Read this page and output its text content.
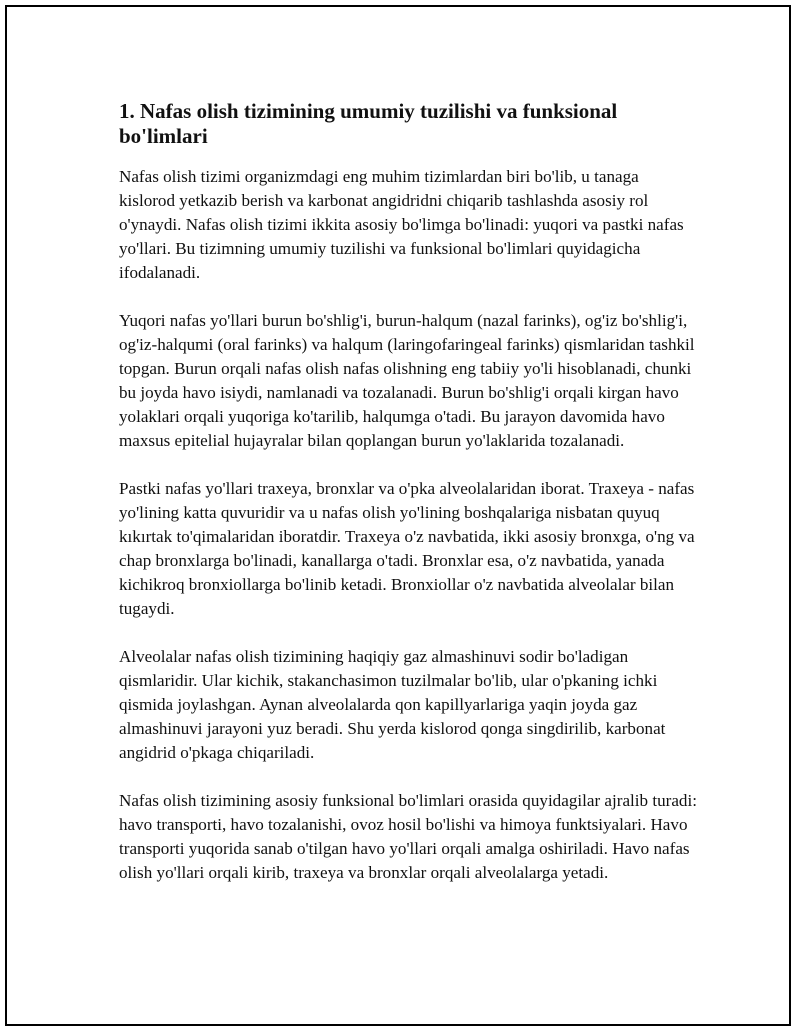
1. Nafas olish tizimining umumiy tuzilishi va funksional bo'limlari

Nafas olish tizimi organizmdagi eng muhim tizimlardan biri bo'lib, u tanaga kislorod yetkazib berish va karbonat angidridni chiqarib tashlashda asosiy rol o'ynaydi. Nafas olish tizimi ikkita asosiy bo'limga bo'linadi: yuqori va pastki nafas yo'llari. Bu tizimning umumiy tuzilishi va funksional bo'limlari quyidagicha ifodalanadi.

Yuqori nafas yo'llari burun bo'shlig'i, burun-halqum (nazal farinks), og'iz bo'shlig'i, og'iz-halqumi (oral farinks) va halqum (laringofaringeal farinks) qismlaridan tashkil topgan. Burun orqali nafas olish nafas olishning eng tabiiy yo'li hisoblanadi, chunki bu joyda havo isiydi, namlanadi va tozalanadi. Burun bo'shlig'i orqali kirgan havo yolaklari orqali yuqoriga ko'tarilib, halqumga o'tadi. Bu jarayon davomida havo maxsus epitelial hujayralar bilan qoplangan burun yo'laklarida tozalanadi.

Pastki nafas yo'llari traxeya, bronxlar va o'pka alveolalaridan iborat. Traxeya - nafas yo'lining katta quvuridir va u nafas olish yo'lining boshqalariga nisbatan quyuq kıkırtak to'qimalaridan iboratdir. Traxeya o'z navbatida, ikki asosiy bronxga, o'ng va chap bronxlarga bo'linadi, kanallarga o'tadi. Bronxlar esa, o'z navbatida, yanada kichikroq bronxiollarga bo'linib ketadi. Bronxiollar o'z navbatida alveolalar bilan tugaydi.

Alveolalar nafas olish tizimining haqiqiy gaz almashinuvi sodir bo'ladigan qismlaridir. Ular kichik, stakanchasimon tuzilmalar bo'lib, ular o'pkaning ichki qismida joylashgan. Aynan alveolalarda qon kapillyarlariga yaqin joyda gaz almashinuvi jarayoni yuz beradi. Shu yerda kislorod qonga singdirilib, karbonat angidrid o'pkaga chiqariladi.

Nafas olish tizimining asosiy funksional bo'limlari orasida quyidagilar ajralib turadi: havo transporti, havo tozalanishi, ovoz hosil bo'lishi va himoya funktsiyalari. Havo transporti yuqorida sanab o'tilgan havo yo'llari orqali amalga oshiriladi. Havo nafas olish yo'llari orqali kirib, traxeya va bronxlar orqali alveolalarga yetadi.
